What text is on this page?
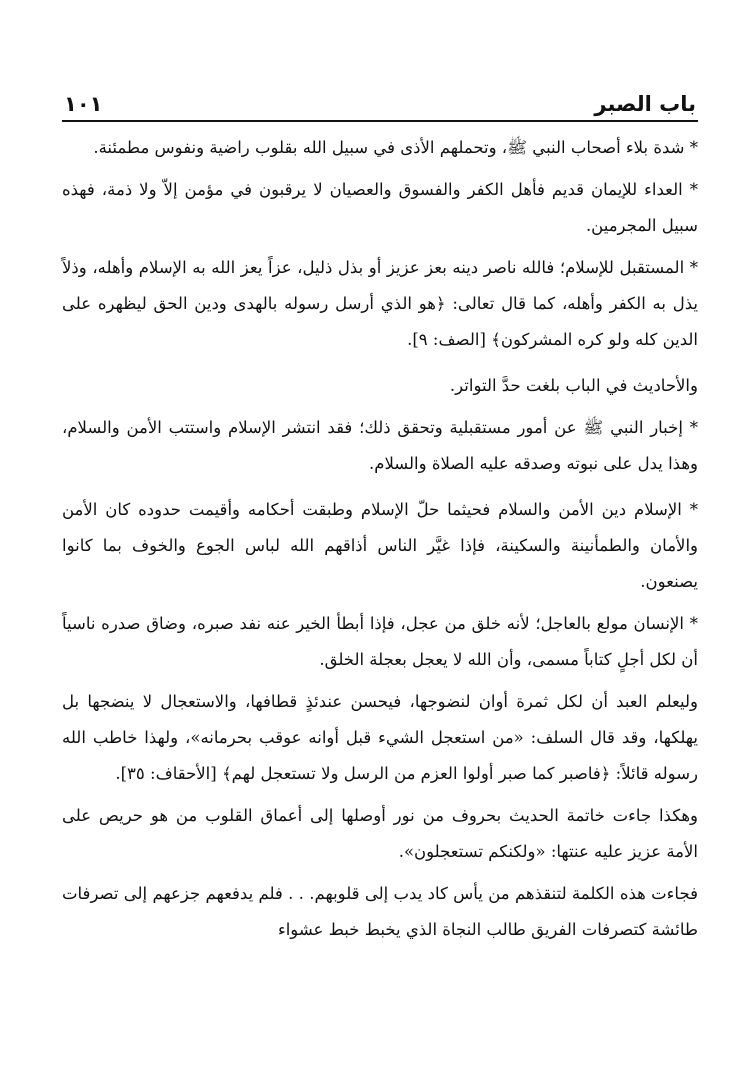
باب الصبر
١٠١

* شدة بلاء أصحاب النبي ﷺ، وتحملهم الأذى في سبيل الله بقلوب راضية ونفوس مطمئنة.

* العداء للإيمان قديم فأهل الكفر والفسوق والعصيان لا يرقبون في مؤمن إلاّ ولا ذمة، فهذه سبيل المجرمين.

* المستقبل للإسلام؛ فالله ناصر دينه بعز عزيز أو بذل ذليل، عزاً يعز الله به الإسلام وأهله، وذلاً يذل به الكفر وأهله، كما قال تعالى: ﴿هو الذي أرسل رسوله بالهدى ودين الحق ليظهره على الدين كله ولو كره المشركون﴾ [الصف: ٩].

والأحاديث في الباب بلغت حدَّ التواتر.

* إخبار النبي ﷺ عن أمور مستقبلية وتحقق ذلك؛ فقد انتشر الإسلام واستتب الأمن والسلام، وهذا يدل على نبوته وصدقه عليه الصلاة والسلام.

* الإسلام دين الأمن والسلام فحيثما حلّ الإسلام وطبقت أحكامه وأقيمت حدوده كان الأمن والأمان والطمأنينة والسكينة، فإذا غيَّر الناس أذاقهم الله لباس الجوع والخوف بما كانوا يصنعون.

* الإنسان مولع بالعاجل؛ لأنه خلق من عجل، فإذا أبطأ الخير عنه نفد صبره، وضاق صدره ناسياً أن لكل أجلٍ كتاباً مسمى، وأن الله لا يعجل بعجلة الخلق.

وليعلم العبد أن لكل ثمرة أوان لنضوجها، فيحسن عندئذٍ قطافها، والاستعجال لا ينضجها بل يهلكها، وقد قال السلف: «من استعجل الشيء قبل أوانه عوقب بحرمانه»، ولهذا خاطب الله رسوله قائلاً: ﴿فاصبر كما صبر أولوا العزم من الرسل ولا تستعجل لهم﴾ [الأحقاف: ٣٥].

وهكذا جاءت خاتمة الحديث بحروف من نور أوصلها إلى أعماق القلوب من هو حريص على الأمة عزيز عليه عنتها: «ولكنكم تستعجلون».

فجاءت هذه الكلمة لتنقذهم من يأس كاد يدب إلى قلوبهم. . . فلم يدفعهم جزعهم إلى تصرفات طائشة كتصرفات الفريق طالب النجاة الذي يخبط خبط عشواء
